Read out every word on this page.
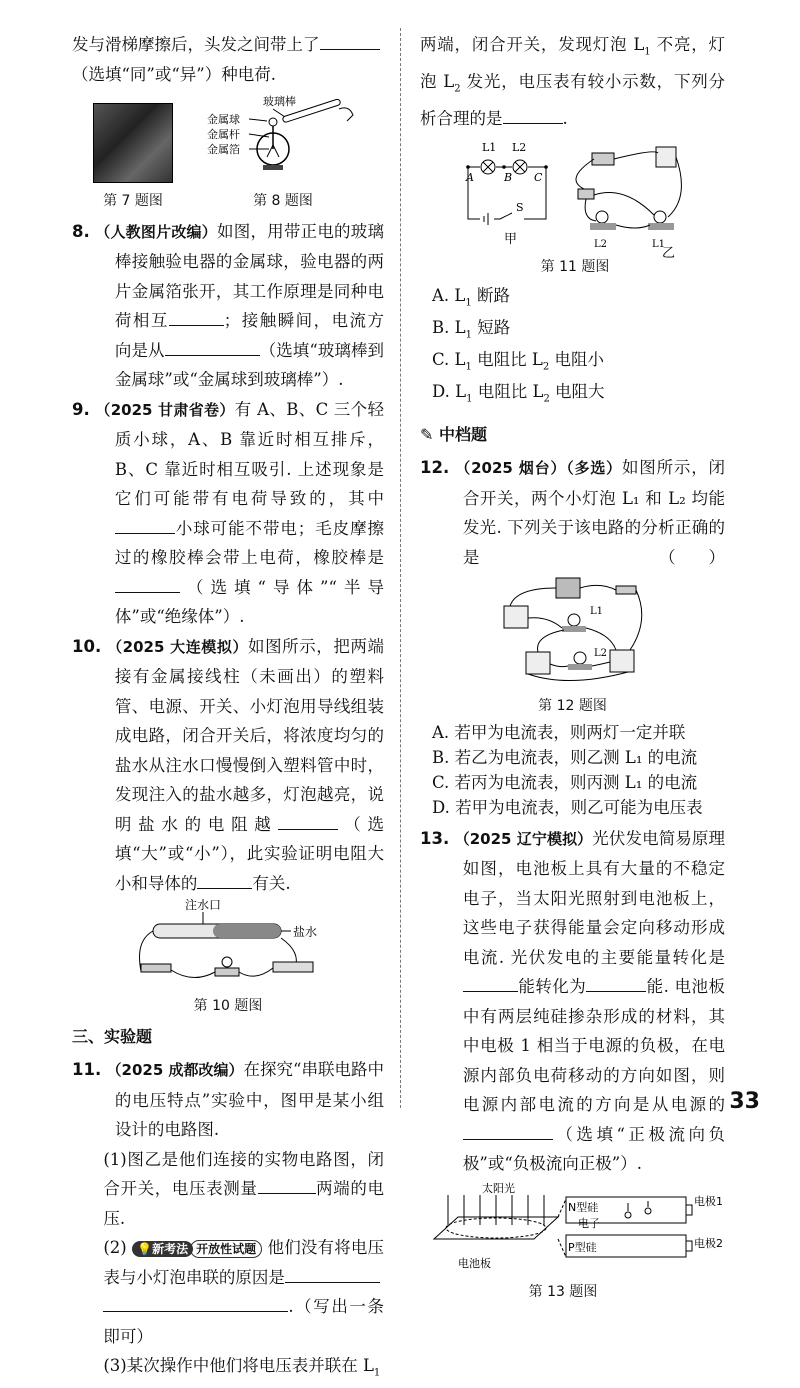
发与滑梯摩擦后，头发之间带上了
（选填“同”或“异”）种电荷.

第 7 题图
玻璃棒
金属球
金属杆
金属箔
第 8 题图

8. （人教图片改编）如图，用带正电的玻璃棒接触验电器的金属球，验电器的两片金属箔张开，其工作原理是同种电荷相互	；接触瞬间，电流方向是从	（选填“玻璃棒到金属球”或“金属球到玻璃棒”）.

9. （2025 甘肃省卷）有 A、B、C 三个轻质小球，A、B 靠近时相互排斥，B、C 靠近时相互吸引. 上述现象是它们可能带有电荷导致的，其中小球可能不带电；毛皮摩擦过的橡胶棒会带上电荷，橡胶棒是（选填“导体”“半导体”或“绝缘体”）.

10. （2025 大连模拟）如图所示，把两端接有金属接线柱（未画出）的塑料管、电源、开关、小灯泡用导线组装成电路，闭合开关后，将浓度均匀的盐水从注水口慢慢倒入塑料管中时，发现注入的盐水越多，灯泡越亮，说明盐水的电阻越	（选填“大”或“小”），此实验证明电阻大小和导体的	有关.

注水口
盐水
第 10 题图
三、实验题

11. （2025 成都改编）在探究“串联电路中的电压特点”实验中，图甲是某小组设计的电路图.

(1)图乙是他们连接的实物电路图，闭合开关，电压表测量	两端的电压.

(2) 💡新考法 开放性试题 他们没有将电压表与小灯泡串联的原因是
.（写出一条即可）

(3)某次操作中他们将电压表并联在 $L_1$

两端，闭合开关，发现灯泡 $L_1$ 不亮，灯泡 $L_2$ 发光，电压表有较小示数，下列分析合理的是	.

L1 L2
A	B C
S
甲	L2	L1
乙
第 11 题图

A. $L_1$ 断路

B. $L_1$ 短路

C. $L_1$ 电阻比 $L_2$ 电阻小

D. $L_1$ 电阻比 $L_2$ 电阻大

✎ 中档题

12. （2025 烟台）（多选）如图所示，闭合开关，两个小灯泡 L₁ 和 L₂ 均能发光. 下列关于该电路的分析正确的是	（　　）

L1
L2
第 12 题图

A. 若甲为电流表，则两灯一定并联

B. 若乙为电流表，则乙测 L₁ 的电流

C. 若丙为电流表，则丙测 L₁ 的电流

D. 若甲为电流表，则乙可能为电压表

13. （2025 辽宁模拟）光伏发电简易原理如图，电池板上具有大量的不稳定电子，当太阳光照射到电池板上，这些电子获得能量会定向移动形成电流. 光伏发电的主要能量转化是能转化为	能. 电池板中有两层纯硅掺杂形成的材料，其中电极 1 相当于电源的负极，在电源内部负电荷移动的方向如图，则电源内部电流的方向是从电源的（选填“正极流向负极”或“负极流向正极”）.

太阳光
N型硅
电子
P型硅
电池板
电极1
电极2
第 13 题图
33
